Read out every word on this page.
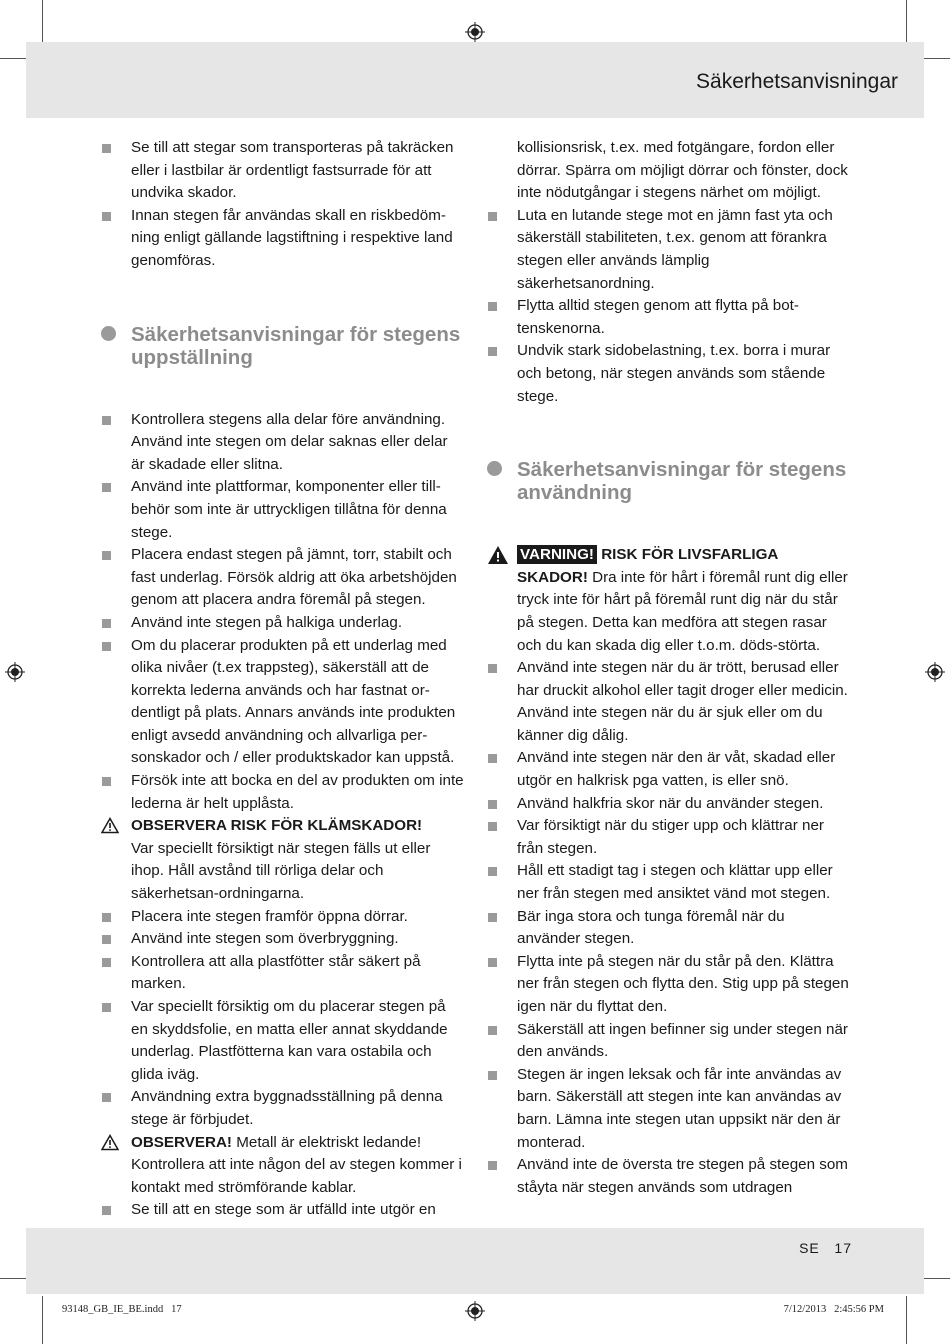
Säkerhetsanvisningar
Se till att stegar som transporteras på takräcken eller i lastbilar är ordentligt fastsurrade för att undvika skador.
Innan stegen får användas skall en riskbedöm-ning enligt gällande lagstiftning i respektive land genomföras.
Säkerhetsanvisningar för stegens uppställning
Kontrollera stegens alla delar före användning. Använd inte stegen om delar saknas eller delar är skadade eller slitna.
Använd inte plattformar, komponenter eller till-behör som inte är uttryckligen tillåtna för denna stege.
Placera endast stegen på jämnt, torr, stabilt och fast underlag. Försök aldrig att öka arbetshöjden genom att placera andra föremål på stegen.
Använd inte stegen på halkiga underlag.
Om du placerar produkten på ett underlag med olika nivåer (t.ex trappsteg), säkerställ att de korrekta lederna används och har fastnat or-dentligt på plats. Annars används inte produkten enligt avsedd användning och allvarliga per-sonskador och / eller produktskador kan uppstå.
Försök inte att bocka en del av produkten om inte lederna är helt upplåsta.
OBSERVERA RISK FÖR KLÄMSKADOR!
Var speciellt försiktigt när stegen fälls ut eller ihop. Håll avstånd till rörliga delar och säkerhetsan-ordningarna.
Placera inte stegen framför öppna dörrar.
Använd inte stegen som överbryggning.
Kontrollera att alla plastfötter står säkert på marken.
Var speciellt försiktig om du placerar stegen på en skyddsfolie, en matta eller annat skyddande underlag. Plastfötterna kan vara ostabila och glida iväg.
Användning extra byggnadsställning på denna stege är förbjudet.
OBSERVERA! Metall är elektriskt ledande! Kontrollera att inte någon del av stegen kommer i kontakt med strömförande kablar.
Se till att en stege som är utfälld inte utgör en
kollisionsrisk, t.ex. med fotgängare, fordon eller dörrar. Spärra om möjligt dörrar och fönster, dock inte nödutgångar i stegens närhet om möjligt.
Luta en lutande stege mot en jämn fast yta och säkerställ stabiliteten, t.ex. genom att förankra stegen eller används lämplig säkerhetsanordning.
Flytta alltid stegen genom att flytta på bot-tenskenorna.
Undvik stark sidobelastning, t.ex. borra i murar och betong, när stegen används som stående stege.
Säkerhetsanvisningar för stegens användning
VARNING! RISK FÖR LIVSFARLIGA SKADOR! Dra inte för hårt i föremål runt dig eller tryck inte för hårt på föremål runt dig när du står på stegen. Detta kan medföra att stegen rasar och du kan skada dig eller t.o.m. döds-störta.
Använd inte stegen när du är trött, berusad eller har druckit alkohol eller tagit droger eller medicin. Använd inte stegen när du är sjuk eller om du känner dig dålig.
Använd inte stegen när den är våt, skadad eller utgör en halkrisk pga vatten, is eller snö.
Använd halkfria skor när du använder stegen.
Var försiktigt när du stiger upp och klättrar ner från stegen.
Håll ett stadigt tag i stegen och klättar upp eller ner från stegen med ansiktet vänd mot stegen.
Bär inga stora och tunga föremål när du använder stegen.
Flytta inte på stegen när du står på den. Klättra ner från stegen och flytta den. Stig upp på stegen igen när du flyttat den.
Säkerställ att ingen befinner sig under stegen när den används.
Stegen är ingen leksak och får inte användas av barn. Säkerställ att stegen inte kan användas av barn. Lämna inte stegen utan uppsikt när den är monterad.
Använd inte de översta tre stegen på stegen som ståyta när stegen används som utdragen
SE 17
93148_GB_IE_BE.indd   17	7/12/2013   2:45:56 PM
